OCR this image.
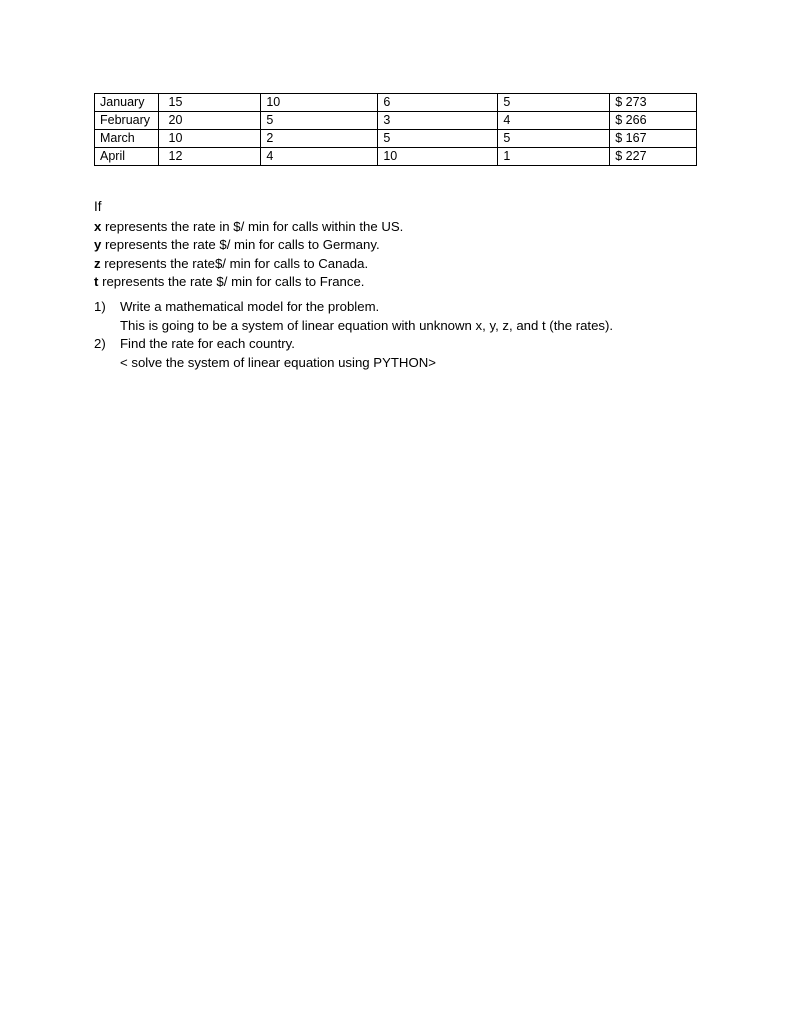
January	15	10	6	5	$ 273
February	20	5	3	4	$ 266
March	10	2	5	5	$ 167
April	12	4	10	1	$ 227
If
x represents the rate in $/ min for calls within the US.
y represents the rate $/ min for calls to Germany.
z represents the rate$/ min for calls to Canada.
t represents the rate $/ min for calls to France.
1)	Write a mathematical model for the problem.
This is going to be a system of linear equation with unknown x, y, z, and t (the rates).
2)	Find the rate for each country.
< solve the system of linear equation using PYTHON>
